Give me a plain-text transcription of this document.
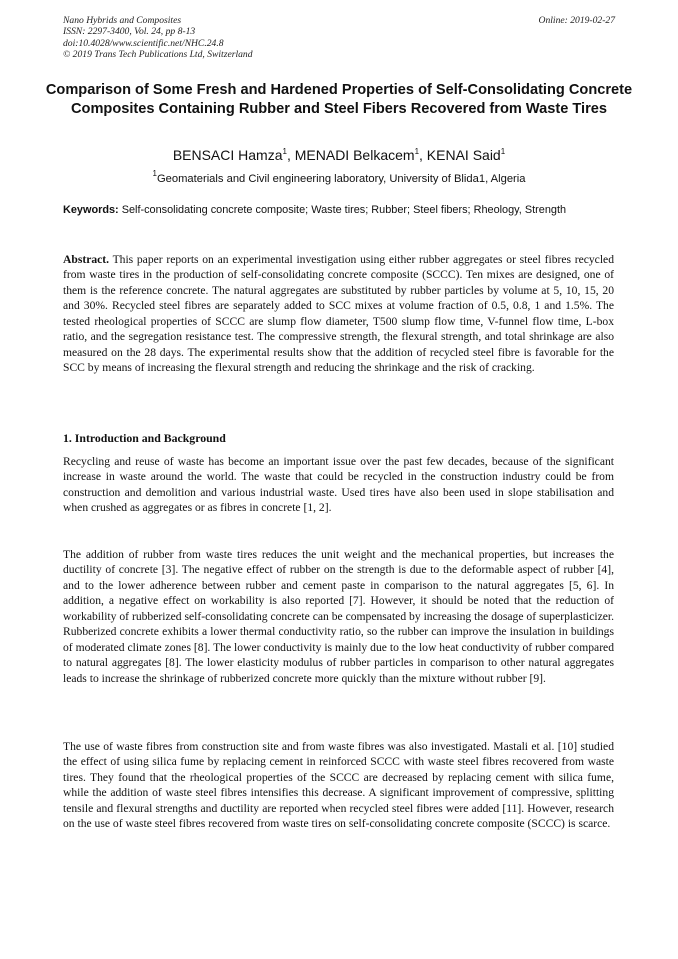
Nano Hybrids and Composites
ISSN: 2297-3400, Vol. 24, pp 8-13
doi:10.4028/www.scientific.net/NHC.24.8
© 2019 Trans Tech Publications Ltd, Switzerland
Online: 2019-02-27
Comparison of Some Fresh and Hardened Properties of Self-Consolidating Concrete Composites Containing Rubber and Steel Fibers Recovered from Waste Tires
BENSACI Hamza$^1$, MENADI Belkacem$^1$, KENAI Said$^1$
$^1$Geomaterials and Civil engineering laboratory, University of Blida1, Algeria
Keywords: Self-consolidating concrete composite; Waste tires; Rubber; Steel fibers; Rheology, Strength

Abstract. This paper reports on an experimental investigation using either rubber aggregates or steel fibres recycled from waste tires in the production of self-consolidating concrete composite (SCCC). Ten mixes are designed, one of them is the reference concrete. The natural aggregates are substituted by rubber particles by volume at 5, 10, 15, 20 and 30%. Recycled steel fibres are separately added to SCC mixes at volume fraction of 0.5, 0.8, 1 and 1.5%. The tested rheological properties of SCCC are slump flow diameter, T500 slump flow time, V-funnel flow time, L-box ratio, and the segregation resistance test. The compressive strength, the flexural strength, and total shrinkage are also measured on the 28 days. The experimental results show that the addition of recycled steel fibre is favorable for the SCC by means of increasing the flexural strength and reducing the shrinkage and the risk of cracking.

1. Introduction and Background

Recycling and reuse of waste has become an important issue over the past few decades, because of the significant increase in waste around the world. The waste that could be recycled in the construction industry could be from construction and demolition and various industrial waste. Used tires have also been used in slope stabilisation and when crushed as aggregates or as fibres in concrete [1, 2].

The addition of rubber from waste tires reduces the unit weight and the mechanical properties, but increases the ductility of concrete [3]. The negative effect of rubber on the strength is due to the deformable aspect of rubber [4], and to the lower adherence between rubber and cement paste in comparison to the natural aggregates [5, 6]. In addition, a negative effect on workability is also reported [7]. However, it should be noted that the reduction of workability of rubberized self-consolidating concrete can be compensated by increasing the dosage of superplasticizer. Rubberized concrete exhibits a lower thermal conductivity ratio, so the rubber can improve the insulation in buildings of moderated climate zones [8]. The lower conductivity is mainly due to the low heat conductivity of rubber compared to natural aggregates [8]. The lower elasticity modulus of rubber particles in comparison to other natural aggregates leads to increase the shrinkage of rubberized concrete more quickly than the mixture without rubber [9].

The use of waste fibres from construction site and from waste fibres was also investigated. Mastali et al. [10] studied the effect of using silica fume by replacing cement in reinforced SCCC with waste steel fibres recovered from waste tires. They found that the rheological properties of the SCCC are decreased by replacing cement with silica fume, while the addition of waste steel fibres intensifies this decrease. A significant improvement of compressive, splitting tensile and flexural strengths and ductility are reported when recycled steel fibres were added [11]. However, research on the use of waste steel fibres recovered from waste tires on self-consolidating concrete composite (SCCC) is scarce.
